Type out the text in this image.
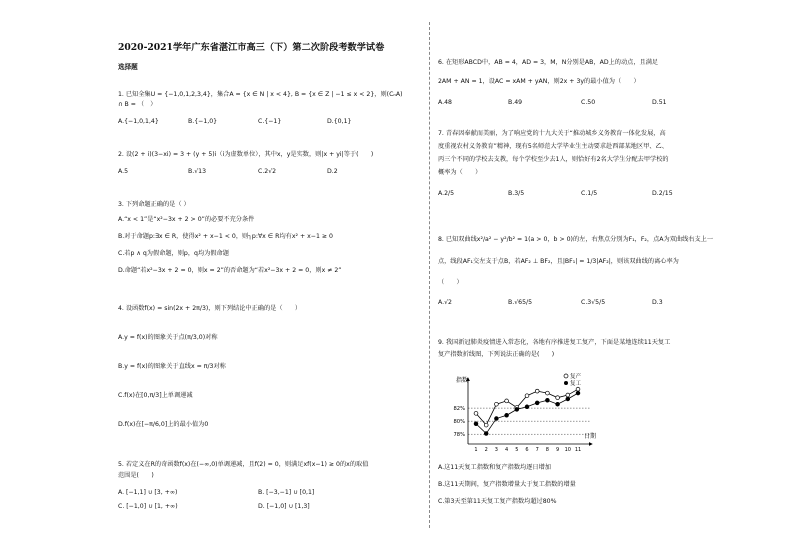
2020-2021学年广东省湛江市高三（下）第二次阶段考数学试卷
选择题
1. 已知全集U = {−1,0,1,2,3,4}，集合A = {x ∈ N | x < 4}, B = {x ∈ Z | −1 ≤ x < 2}，则(CₙA)
∩ B = （　）
A.{−1,0,1,4}	B.{−1,0}	C.{−1}	D.{0,1}
2. 设(2 + i)(3−xi) = 3 + (y + 5)i（i为虚数单位），其中x，y是实数，则|x + yi|等于(　　)
A.5	B.√13	C.2√2	D.2
3. 下列命题正确的是（ ）
A.“x < 1”是“x²−3x + 2 > 0”的必要不充分条件
B.对于命题p:∃x ∈ R，使得x² + x−1 < 0，则┐p:∀x ∈ R均有x² + x−1 ≥ 0
C.若p ∧ q为假命题，则p，q均为假命题
D.命题“若x²−3x + 2 = 0，则x = 2”的否命题为“若x²−3x + 2 = 0，则x ≠ 2”
4. 设函数f(x) = sin(2x + 2π/3)，则下列结论中正确的是（　　）
A.y = f(x)的图象关于点(π/3,0)对称
B.y = f(x)的图象关于直线x = π/3对称
C.f(x)在[0,π/3]上单调递减
D.f(x)在[−π/6,0]上的最小值为0
5. 若定义在R的奇函数f(x)在(−∞,0)单调递减，且f(2) = 0，则满足xf(x−1) ≥ 0的x的取值
范围是(　　)
A. [−1,1] ∪ [3, +∞)	B. [−3,−1] ∪ [0,1]
C. [−1,0] ∪ [1, +∞)	D. [−1,0] ∪ [1,3]
6. 在矩形ABCD中，AB = 4，AD = 3，M，N分别是AB，AD上的动点，且满足
2AM + AN = 1，设AC = xAM + yAN，则2x + 3y的最小值为（　　）
A.48	B.49	C.50	D.51
7. 青春因奉献而美丽，为了响应党的十九大关于“推动城乡义务教育一体化发展，高
度重视农村义务教育”精神，现有5名师范大学毕业生主动要求赴西部某地区甲、乙、
丙三个不同的学校去支教，每个学校至少去1人，则恰好有2名大学生分配去甲学校的
概率为（　　）
A.2/5	B.3/5	C.1/5	D.2/15
8. 已知双曲线x²/a² − y²/b² = 1(a > 0，b > 0)的左，右焦点分别为F₁，F₂，点A为双曲线右支上一
点，线段AF₁交左支于点B，若AF₂ ⊥ BF₂，且|BF₁| = 1/3|AF₂|，则该双曲线的离心率为
（　　）
A.√2	B.√65/5	C.3√5/5	D.3
9. 我国新冠肺炎疫情进入常态化，各地有序推进复工复产，下面是某地连续11天复工
复产指数折线图，下列说法正确的是(　　)
指数
日期
82%
80%
78%
1 2 3 4 5 6 7 8 9 10 11
复产
复工
A.这11天复工指数和复产指数均逐日增加
B.这11天期间，复产指数增量大于复工指数的增量
C.第3天至第11天复工复产指数均超过80%
